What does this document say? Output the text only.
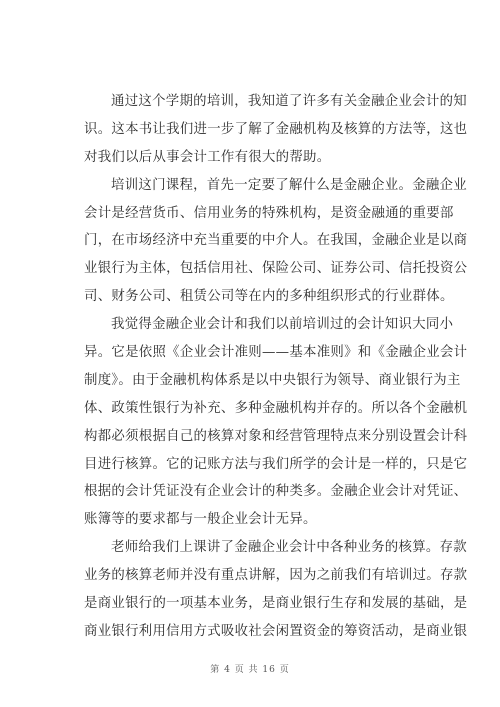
通过这个学期的培训，我知道了许多有关金融企业会计的知
识。这本书让我们进一步了解了金融机构及核算的方法等，这也
对我们以后从事会计工作有很大的帮助。
培训这门课程，首先一定要了解什么是金融企业。金融企业
会计是经营货币、信用业务的特殊机构，是资金融通的重要部
门，在市场经济中充当重要的中介人。在我国，金融企业是以商
业银行为主体，包括信用社、保险公司、证券公司、信托投资公
司、财务公司、租赁公司等在内的多种组织形式的行业群体。
我觉得金融企业会计和我们以前培训过的会计知识大同小
异。它是依照《企业会计准则——基本准则》和《金融企业会计
制度》。由于金融机构体系是以中央银行为领导、商业银行为主
体、政策性银行为补充、多种金融机构并存的。所以各个金融机
构都必须根据自己的核算对象和经营管理特点来分别设置会计科
目进行核算。它的记账方法与我们所学的会计是一样的，只是它
根据的会计凭证没有企业会计的种类多。金融企业会计对凭证、
账簿等的要求都与一般企业会计无异。
老师给我们上课讲了金融企业会计中各种业务的核算。存款
业务的核算老师并没有重点讲解，因为之前我们有培训过。存款
是商业银行的一项基本业务，是商业银行生存和发展的基础，是
商业银行利用信用方式吸收社会闲置资金的筹资活动，是商业银
第 4 页 共 16 页
